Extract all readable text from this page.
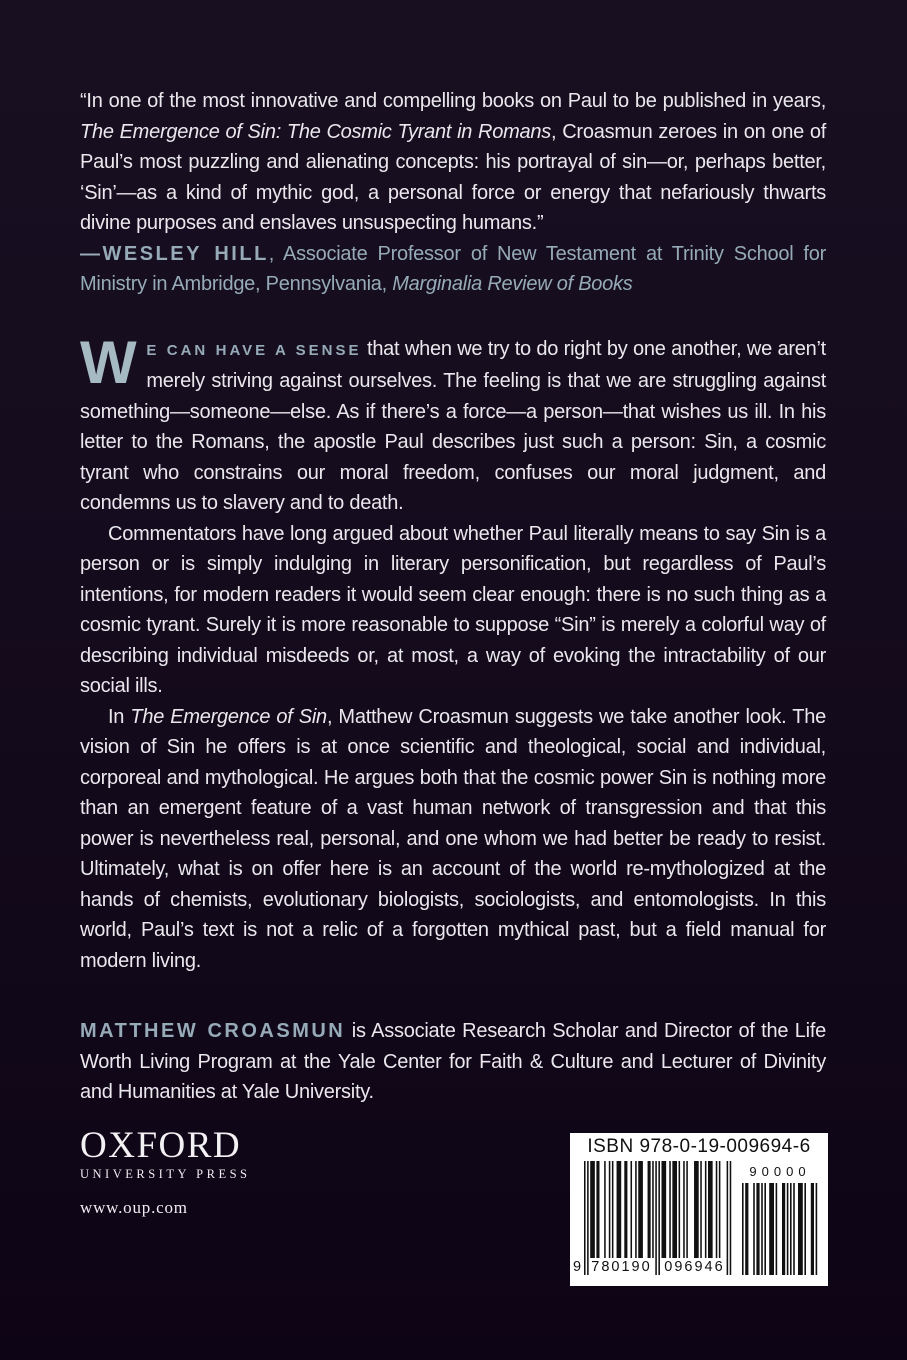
“In one of the most innovative and compelling books on Paul to be published in years, The Emergence of Sin: The Cosmic Tyrant in Romans, Croasmun zeroes in on one of Paul’s most puzzling and alienating concepts: his portrayal of sin—or, perhaps better, ‘Sin’—as a kind of mythic god, a personal force or energy that nefariously thwarts divine purposes and enslaves unsuspecting humans.”

—WESLEY HILL, Associate Professor of New Testament at Trinity School for Ministry in Ambridge, Pennsylvania, Marginalia Review of Books

W E CAN HAVE A SENSE that when we try to do right by one another, we aren’t merely striving against ourselves. The feeling is that we are struggling against something—someone—else. As if there’s a force—a person—that wishes us ill. In his letter to the Romans, the apostle Paul describes just such a person: Sin, a cosmic tyrant who constrains our moral freedom, confuses our moral judgment, and condemns us to slavery and to death.

Commentators have long argued about whether Paul literally means to say Sin is a person or is simply indulging in literary personification, but regardless of Paul’s intentions, for modern readers it would seem clear enough: there is no such thing as a cosmic tyrant. Surely it is more reasonable to suppose “Sin” is merely a colorful way of describing individual misdeeds or, at most, a way of evoking the intractability of our social ills.

In The Emergence of Sin, Matthew Croasmun suggests we take another look. The vision of Sin he offers is at once scientific and theological, social and individual, corporeal and mythological. He argues both that the cosmic power Sin is nothing more than an emergent feature of a vast human network of transgression and that this power is nevertheless real, personal, and one whom we had better be ready to resist. Ultimately, what is on offer here is an account of the world re-mythologized at the hands of chemists, evolutionary biologists, sociologists, and entomologists. In this world, Paul’s text is not a relic of a forgotten mythical past, but a field manual for modern living.

MATTHEW CROASMUN is Associate Research Scholar and Director of the Life Worth Living Program at the Yale Center for Faith & Culture and Lecturer of Divinity and Humanities at Yale University.

OXFORD
UNIVERSITY PRESS
www.oup.com
ISBN 978-0-19-009694-6
9 780190 096946
90000
